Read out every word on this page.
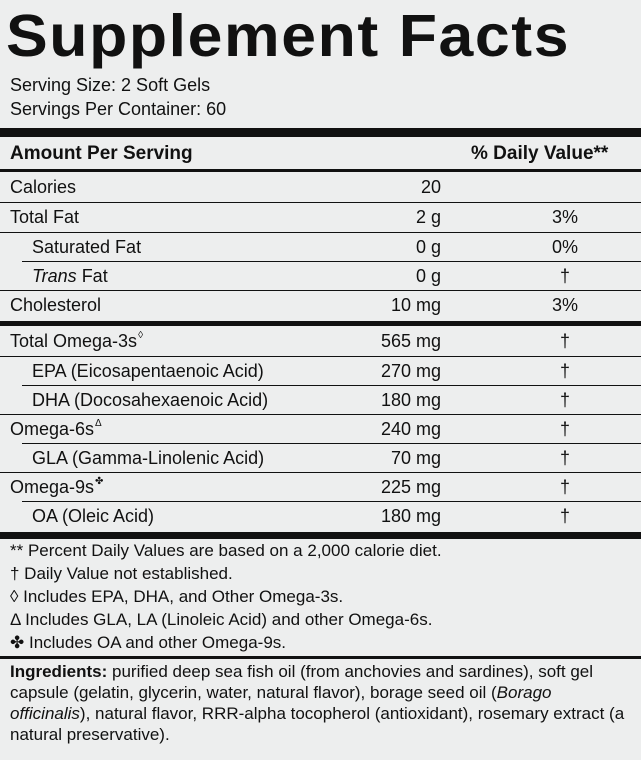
Supplement Facts
Serving Size: 2 Soft Gels
Servings Per Container: 60
Amount Per Serving	% Daily Value**
Calories	20
Total Fat	2 g	3%
Saturated Fat	0 g	0%
Trans Fat	0 g	†
Cholesterol	10 mg	3%
Total Omega-3s◊	565 mg	†
EPA (Eicosapentaenoic Acid)	270 mg	†
DHA (Docosahexaenoic Acid)	180 mg	†
Omega-$6s^\Delta$	240 mg	†
GLA (Gamma-Linolenic Acid)	70 mg	†
Omega-9s✤	225 mg	†
OA (Oleic Acid)	180 mg	†
** Percent Daily Values are based on a 2,000 calorie diet.
† Daily Value not established.
◊ Includes EPA, DHA, and Other Omega-3s.
Δ Includes GLA, LA (Linoleic Acid) and other Omega-6s.
✤ Includes OA and other Omega-9s.
Ingredients: purified deep sea fish oil (from anchovies and sardines), soft gel capsule (gelatin, glycerin, water, natural flavor), borage seed oil (Borago officinalis), natural flavor, RRR-alpha tocopherol (antioxidant), rosemary extract (a natural preservative).
